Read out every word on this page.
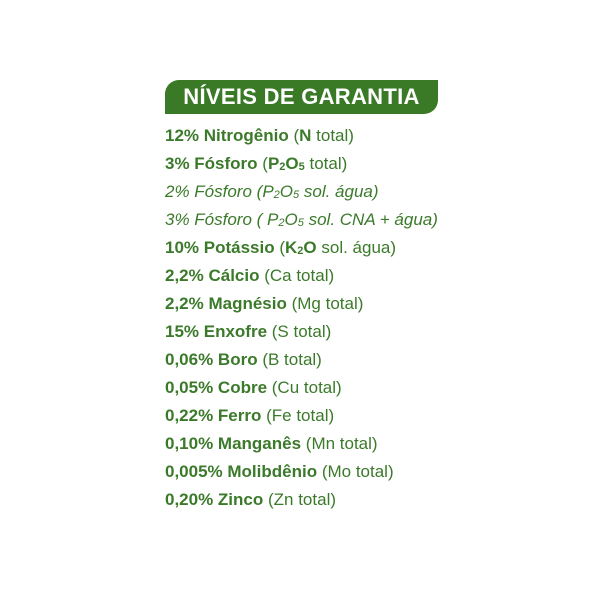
NÍVEIS DE GARANTIA
12% Nitrogênio (N total)
3% Fósforo ($P_2O_5$ total)
2% Fósforo ($P_2O_5$ sol. água)
3% Fósforo ( $P_2O_5$ sol. CNA + água)
10% Potássio ($K_2O$ sol. água)
2,2% Cálcio (Ca total)
2,2% Magnésio (Mg total)
15% Enxofre (S total)
0,06% Boro (B total)
0,05% Cobre (Cu total)
0,22% Ferro (Fe total)
0,10% Manganês (Mn total)
0,005% Molibdênio (Mo total)
0,20% Zinco (Zn total)
